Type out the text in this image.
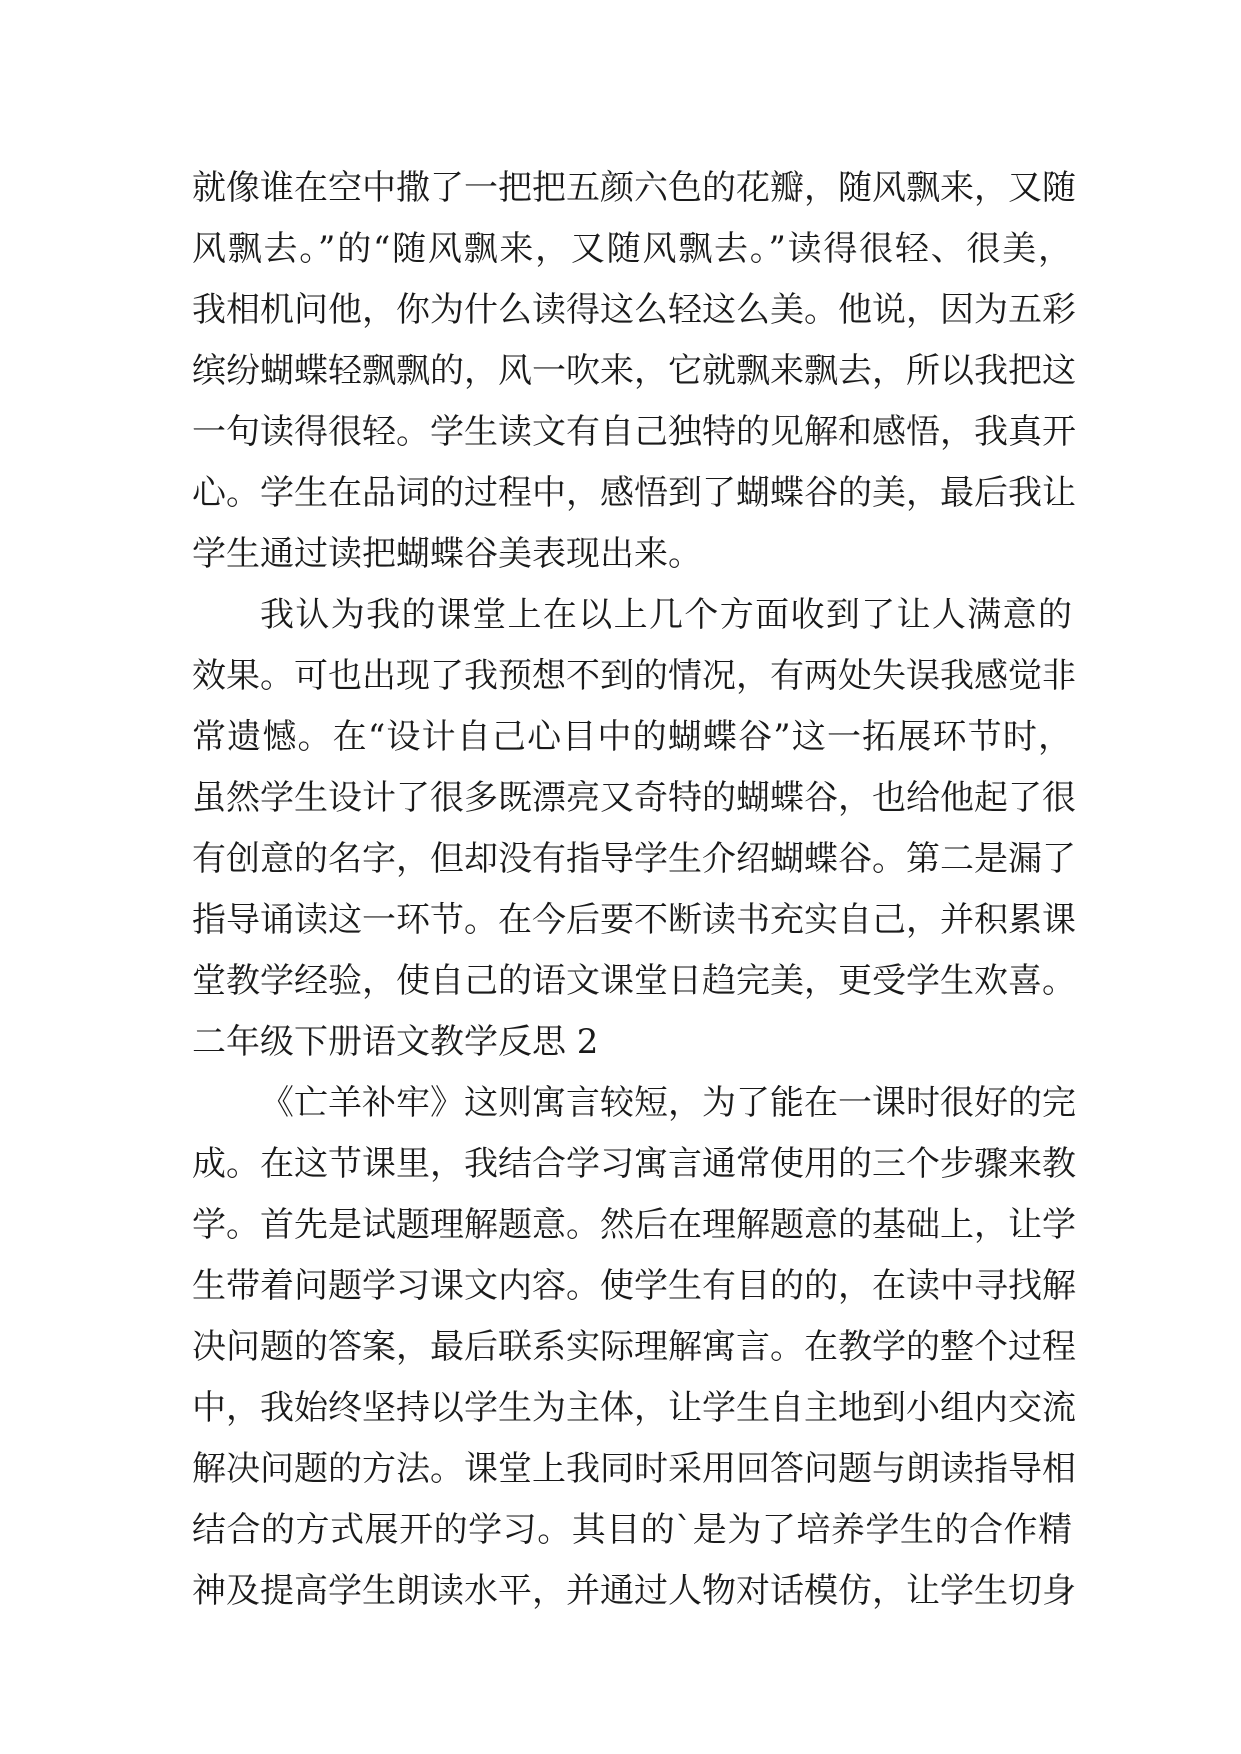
就像谁在空中撒了一把把五颜六色的花瓣，随风飘来，又随
风飘去。”的“随风飘来，又随风飘去。”读得很轻、很美，
我相机问他，你为什么读得这么轻这么美。他说，因为五彩
缤纷蝴蝶轻飘飘的，风一吹来，它就飘来飘去，所以我把这
一句读得很轻。学生读文有自己独特的见解和感悟，我真开
心。学生在品词的过程中，感悟到了蝴蝶谷的美，最后我让
学生通过读把蝴蝶谷美表现出来。
我认为我的课堂上在以上几个方面收到了让人满意的
效果。可也出现了我预想不到的情况，有两处失误我感觉非
常遗憾。在“设计自己心目中的蝴蝶谷”这一拓展环节时，
虽然学生设计了很多既漂亮又奇特的蝴蝶谷，也给他起了很
有创意的名字，但却没有指导学生介绍蝴蝶谷。第二是漏了
指导诵读这一环节。在今后要不断读书充实自己，并积累课
堂教学经验，使自己的语文课堂日趋完美，更受学生欢喜。
二年级下册语文教学反思 2
《亡羊补牢》这则寓言较短，为了能在一课时很好的完
成。在这节课里，我结合学习寓言通常使用的三个步骤来教
学。首先是试题理解题意。然后在理解题意的基础上，让学
生带着问题学习课文内容。使学生有目的的，在读中寻找解
决问题的答案，最后联系实际理解寓言。在教学的整个过程
中，我始终坚持以学生为主体，让学生自主地到小组内交流
解决问题的方法。课堂上我同时采用回答问题与朗读指导相
结合的方式展开的学习。其目的`是为了培养学生的合作精
神及提高学生朗读水平，并通过人物对话模仿，让学生切身
